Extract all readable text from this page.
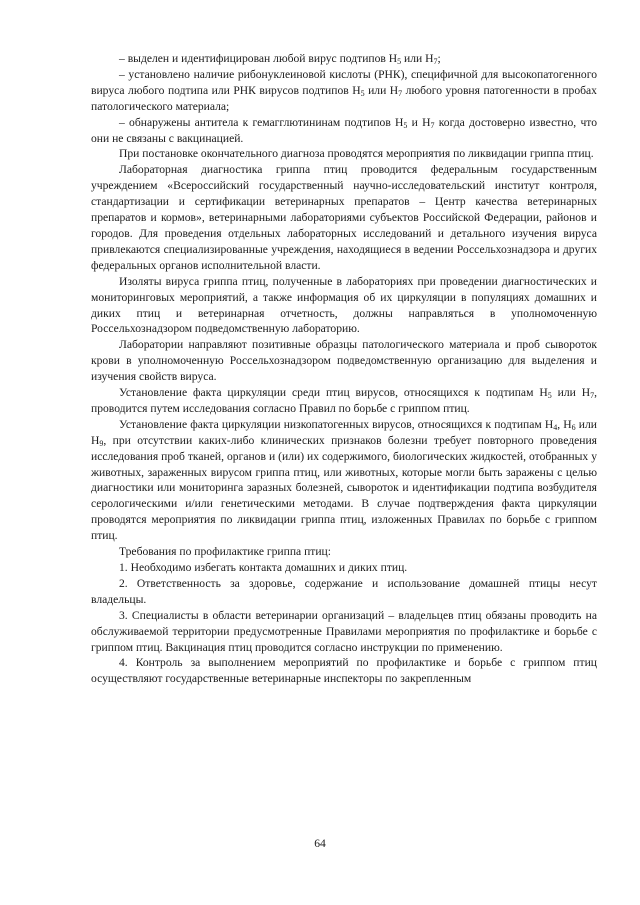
– выделен и идентифицирован любой вирус подтипов $Н_5$ или $Н_7$;

– установлено наличие рибонуклеиновой кислоты (РНК), специфичной для высокопатогенного вируса любого подтипа или РНК вирусов подтипов $Н_5$ или $Н_7$ любого уровня патогенности в пробах патологического материала;

– обнаружены антитела к гемагглютининам подтипов $Н_5$ и $Н_7$ когда достоверно известно, что они не связаны с вакцинацией.

При постановке окончательного диагноза проводятся мероприятия по ликвидации гриппа птиц.

Лабораторная диагностика гриппа птиц проводится федеральным государственным учреждением «Всероссийский государственный научно-исследовательский институт контроля, стандартизации и сертификации ветеринарных препаратов – Центр качества ветеринарных препаратов и кормов», ветеринарными лабораториями субъектов Российской Федерации, районов и городов. Для проведения отдельных лабораторных исследований и детального изучения вируса привлекаются специализированные учреждения, находящиеся в ведении Россельхознадзора и других федеральных органов исполнительной власти.

Изоляты вируса гриппа птиц, полученные в лабораториях при проведении диагностических и мониторинговых мероприятий, а также информация об их циркуляции в популяциях домашних и диких птиц и ветеринарная отчетность, должны направляться в уполномоченную Россельхознадзором подведомственную лабораторию.

Лаборатории направляют позитивные образцы патологического материала и проб сывороток крови в уполномоченную Россельхознадзором подведомственную организацию для выделения и изучения свойств вируса.

Установление факта циркуляции среди птиц вирусов, относящихся к подтипам $Н_5$ или $Н_7$, проводится путем исследования согласно Правил по борьбе с гриппом птиц.

Установление факта циркуляции низкопатогенных вирусов, относящихся к подтипам $Н_4$, $Н_6$ или $Н_9$, при отсутствии каких-либо клинических признаков болезни требует повторного проведения исследования проб тканей, органов и (или) их содержимого, биологических жидкостей, отобранных у животных, зараженных вирусом гриппа птиц, или животных, которые могли быть заражены с целью диагностики или мониторинга заразных болезней, сывороток и идентификации подтипа возбудителя серологическими и/или генетическими методами. В случае подтверждения факта циркуляции проводятся мероприятия по ликвидации гриппа птиц, изложенных Правилах по борьбе с гриппом птиц.

Требования по профилактике гриппа птиц:

1. Необходимо избегать контакта домашних и диких птиц.

2. Ответственность за здоровье, содержание и использование домашней птицы несут владельцы.

3. Специалисты в области ветеринарии организаций – владельцев птиц обязаны проводить на обслуживаемой территории предусмотренные Правилами мероприятия по профилактике и борьбе с гриппом птиц. Вакцинация птиц проводится согласно инструкции по применению.

4. Контроль за выполнением мероприятий по профилактике и борьбе с гриппом птиц осуществляют государственные ветеринарные инспекторы по закрепленным

64
